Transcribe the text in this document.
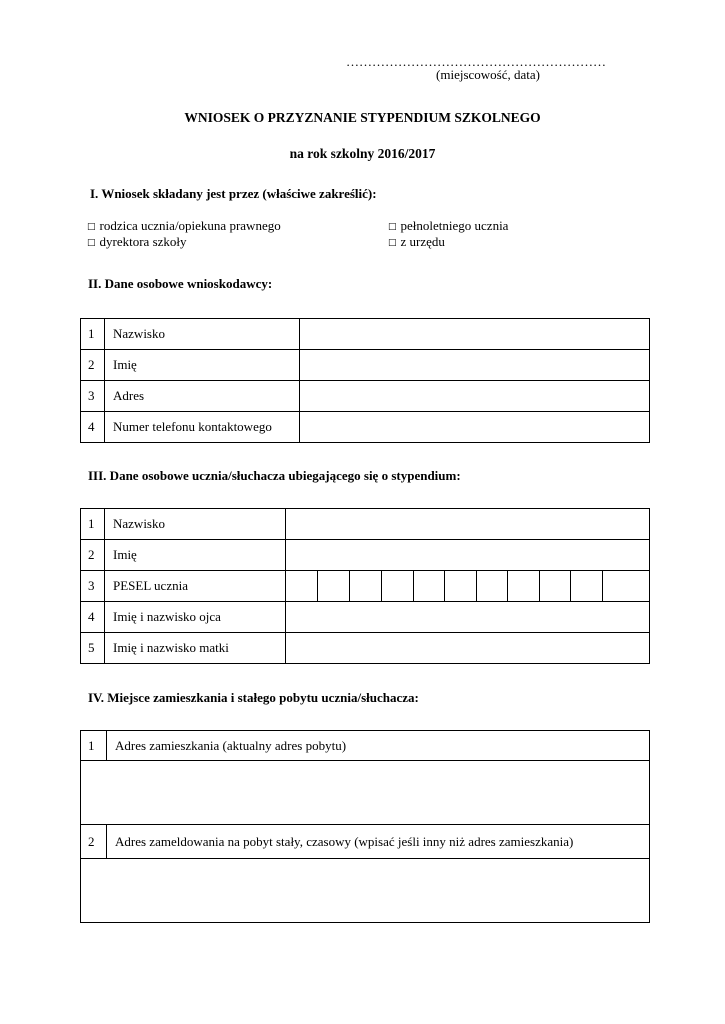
……………………………………………………
(miejscowość, data)
WNIOSEK O PRZYZNANIE STYPENDIUM SZKOLNEGO
na rok szkolny 2016/2017
I. Wniosek składany jest przez (właściwe zakreślić):
□ rodzica ucznia/opiekuna prawnego
□ dyrektora szkoły
□ pełnoletniego ucznia
□ z urzędu
II. Dane osobowe wnioskodawcy:
1	Nazwisko	
2	Imię	
3	Adres	
4	Numer telefonu kontaktowego	
III. Dane osobowe ucznia/słuchacza ubiegającego się o stypendium:
1	Nazwisko											
2	Imię											
3	PESEL ucznia											
4	Imię i nazwisko ojca											
5	Imię i nazwisko matki											
IV. Miejsce zamieszkania i stałego pobytu ucznia/słuchacza:
1	Adres zamieszkania (aktualny adres pobytu)

2	Adres zameldowania na pobyt stały, czasowy (wpisać jeśli inny niż adres zamieszkania)
